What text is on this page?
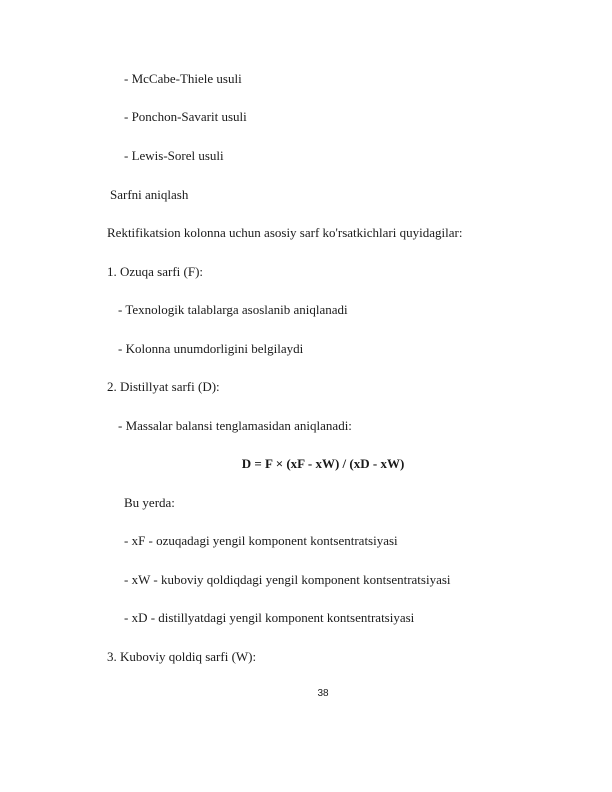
- McCabe-Thiele usuli
- Ponchon-Savarit usuli
- Lewis-Sorel usuli
Sarfni aniqlash
Rektifikatsion kolonna uchun asosiy sarf ko'rsatkichlari quyidagilar:
1. Ozuqa sarfi (F):
- Texnologik talablarga asoslanib aniqlanadi
- Kolonna unumdorligini belgilaydi
2. Distillyat sarfi (D):
- Massalar balansi tenglamasidan aniqlanadi:
D = F × (xF - xW) / (xD - xW)
Bu yerda:
- xF - ozuqadagi yengil komponent kontsentratsiyasi
- xW - kuboviy qoldiqdagi yengil komponent kontsentratsiyasi
- xD - distillyatdagi yengil komponent kontsentratsiyasi
3. Kuboviy qoldiq sarfi (W):
38
